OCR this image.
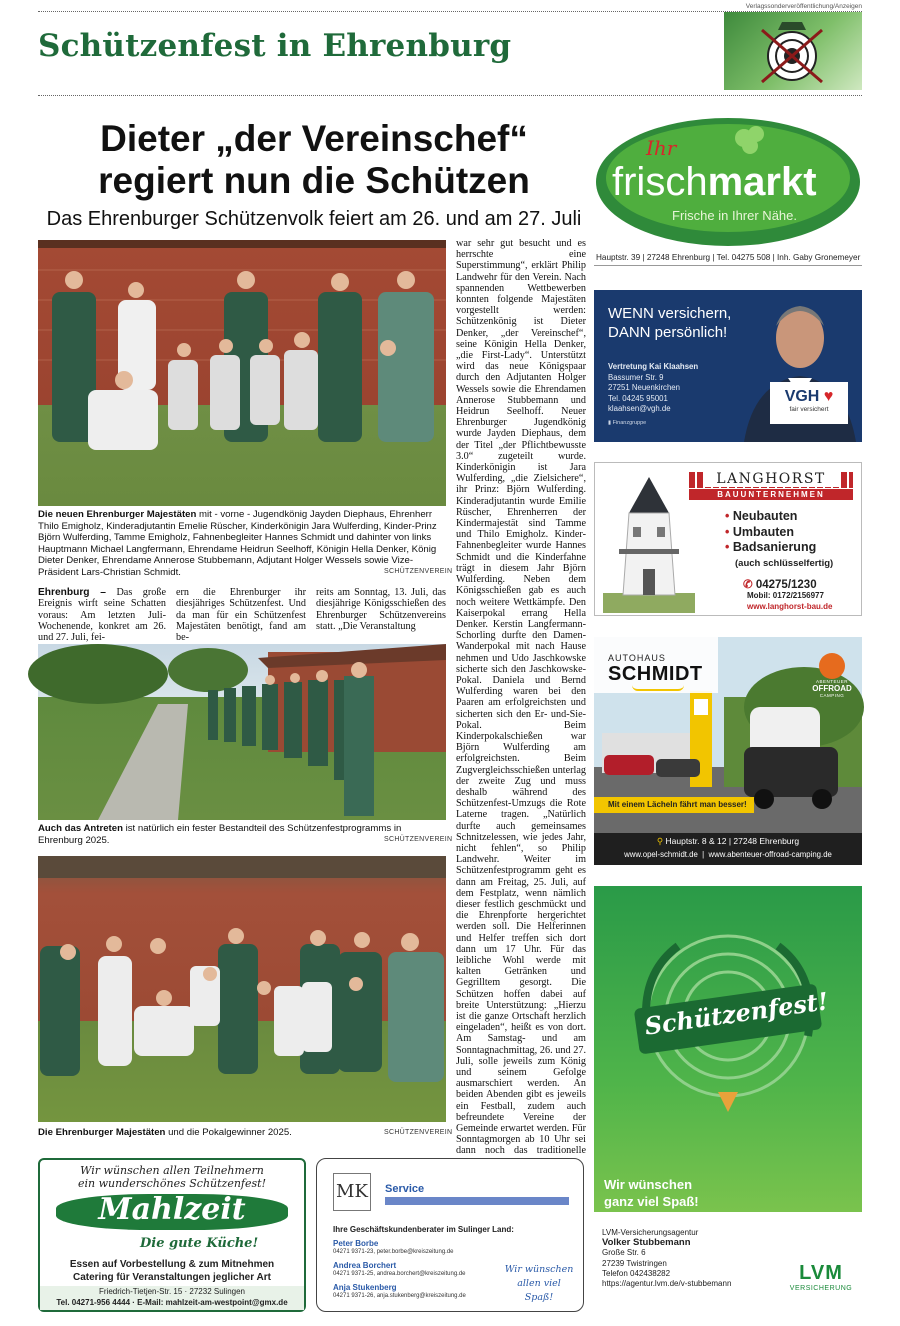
Verlagssonderveröffentlichung/Anzeigen
Schützenfest in Ehrenburg
Dieter „der Vereinschef“
regiert nun die Schützen
Das Ehrenburger Schützenvolk feiert am 26. und am 27. Juli
Die neuen Ehrenburger Majestäten mit - vorne - Jugendkönig Jayden Diephaus, Ehrenherr Thilo Emigholz, Kinderadjutantin Emelie Rüscher, Kinderkönigin Jara Wulferding, Kinder-Prinz Björn Wulferding, Tamme Emigholz, Fahnenbegleiter Hannes Schmidt und dahinter von links Hauptmann Michael Langfermann, Ehrendame Heidrun Seelhoff, Königin Hella Denker, König Dieter Denker, Ehrendame Annerose Stubbemann, Adjutant Holger Wessels sowie Vize-Präsident Lars-Christian Schmidt.	SCHÜTZENVEREIN
Ehrenburg – Das große Ereignis wirft seine Schatten voraus: Am letzten Juli-Wochenende, konkret am 26. und 27. Juli, fei-
ern die Ehrenburger ihr diesjähriges Schützenfest. Und da man für ein Schützenfest Majestäten benötigt, fand am be-
reits am Sonntag, 13. Juli, das diesjährige Königsschießen des Ehrenburger Schützenvereins statt. „Die Veranstaltung
Auch das Antreten ist natürlich ein fester Bestandteil des Schützenfestprogramms in Ehrenburg 2025.	SCHÜTZENVEREIN
Die Ehrenburger Majestäten und die Pokalgewinner 2025.	SCHÜTZENVEREIN
war sehr gut besucht und es herrschte eine Superstimmung“, erklärt Philip Landwehr für den Verein. Nach spannenden Wettbewerben konnten folgende Majestäten vorgestellt werden: Schützenkönig ist Dieter Denker, „der Vereinschef“, seine Königin Hella Denker, „die First-Lady“. Unterstützt wird das neue Königspaar durch den Adjutanten Holger Wessels sowie die Ehrendamen Annerose Stubbemann und Heidrun Seelhoff. Neuer Ehrenburger Jugendkönig wurde Jayden Diephaus, dem der Titel „der Pflichtbewusste 3.0“ zugeteilt wurde. Kinderkönigin ist Jara Wulferding, „die Zielsichere“, ihr Prinz: Björn Wulferding. Kinderadjutantin wurde Emilie Rüscher, Ehrenherren der Kindermajestät sind Tamme und Thilo Emigholz. Kinder-Fahnenbegleiter wurde Hannes Schmidt und die Kinderfahne trägt in diesem Jahr Björn Wulferding. Neben dem Königsschießen gab es auch noch weitere Wettkämpfe. Den Kaiserpokal errang Hella Denker. Kerstin Langfermann-Schorling durfte den Damen-Wanderpokal mit nach Hause nehmen und Udo Jaschkowske sicherte sich den Jaschkowske-Pokal. Daniela und Bernd Wulferding waren bei den Paaren am erfolgreichsten und sicherten sich den Er- und-Sie-Pokal. Beim Kinderpokalschießen war Björn Wulferding am erfolgreichsten. Beim Zugvergleichsschießen unterlag der zweite Zug und muss deshalb während des Schützenfest-Umzugs die Rote Laterne tragen. „Natürlich durfte auch gemeinsames Schnitzelessen, wie jedes Jahr, nicht fehlen“, so Philip Landwehr. Weiter im Schützenfestprogramm geht es dann am Freitag, 25. Juli, auf dem Festplatz, wenn nämlich dieser festlich geschmückt und die Ehrenpforte hergerichtet werden soll. Die Helferinnen und Helfer treffen sich dort dann um 17 Uhr. Für das leibliche Wohl werde mit kalten Getränken und Gegrilltem gesorgt. Die Schützen hoffen dabei auf breite Unterstützung: „Hierzu ist die ganze Ortschaft herzlich eingeladen“, heißt es von dort. Am Samstag- und am Sonntagnachmittag, 26. und 27. Juli, solle jeweils zum König und seinem Gefolge ausmarschiert werden. An beiden Abenden gibt es jeweils ein Festball, zudem auch befreundete Vereine der Gemeinde erwartet werden. Für Sonntagmorgen ab 10 Uhr sei dann noch das traditionelle
Ihr
frischmarkt
Frische in Ihrer Nähe.
Hauptstr. 39 | 27248 Ehrenburg | Tel. 04275 508 | Inh. Gaby Gronemeyer
WENN versichern,
DANN persönlich!
Vertretung Kai Klaahsen
Bassumer Str. 9
27251 Neuenkirchen
Tel. 04245 95001
klaahsen@vgh.de
▮ Finanzgruppe
VGH ♥
fair versichert
LANGHORST
BAUUNTERNEHMEN
• Neubauten
• Umbauten
• Badsanierung
(auch schlüsselfertig)
✆ 04275/1230
Mobil: 0172/2156977
www.langhorst-bau.de
AUTOHAUS
SCHMIDT	ABENTEUER
OFFROAD
CAMPING
Mit einem Lächeln fährt man besser!
⚲ Hauptstr. 8 & 12 | 27248 Ehrenburg
www.opel-schmidt.de  |  www.abenteuer-offroad-camping.de
Schützenfest!
Wir wünschen
ganz viel Spaß!
LVM-Versicherungsagentur
Volker Stubbemann
Große Str. 6
27239 Twistringen
Telefon 042438282
https://agentur.lvm.de/v-stubbemann	LVM
VERSICHERUNG
Wir wünschen allen Teilnehmern
ein wunderschönes Schützenfest!
Mahlzeit
Die gute Küche!
Essen auf Vorbestellung & zum Mitnehmen
Catering für Veranstaltungen jeglicher Art
Friedrich-Tietjen-Str. 15 · 27232 Sulingen
Tel. 04271-956 4444 · E-Mail: mahlzeit-am-westpoint@gmx.de
MK Service
Ihre Geschäftskundenberater im Sulinger Land:
Peter Borbe
04271 9371-23, peter.borbe@kreiszeitung.de
Andrea Borchert
04271 9371-25, andrea.borchert@kreiszeitung.de
Anja Stukenberg
04271 9371-26, anja.stukenberg@kreiszeitung.de
Wir wünschen
allen viel Spaß!
